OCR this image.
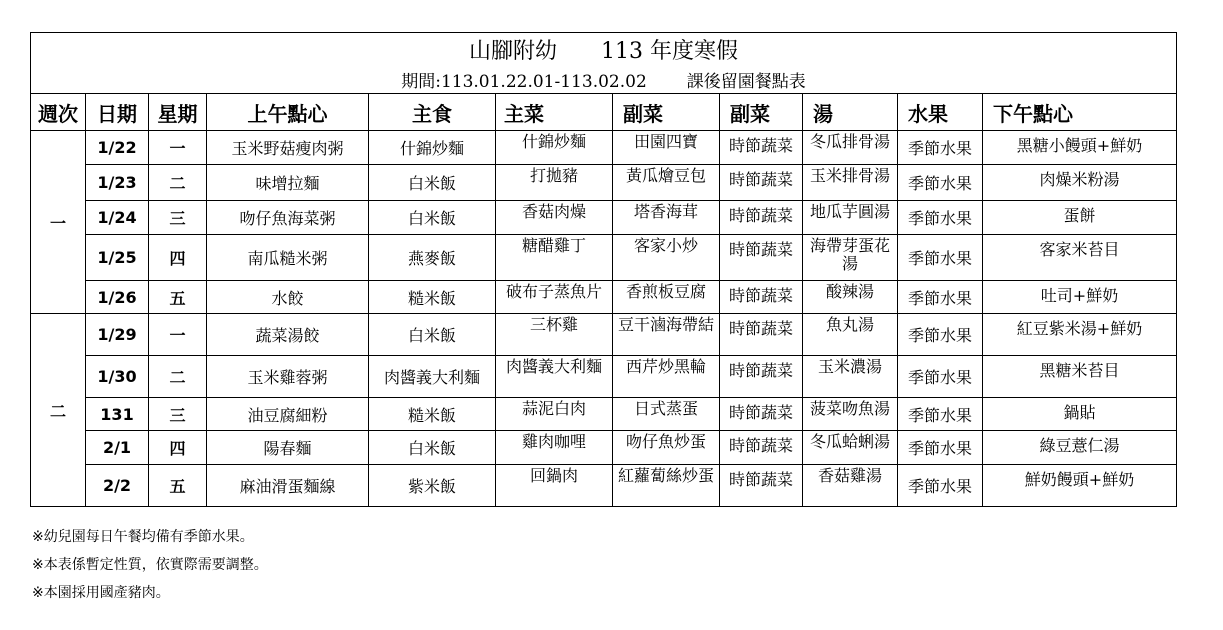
山腳附幼 113 年度寒假										
期間:113.01.22.01-113.02.02 課後留園餐點表										
週次	日期	星期	上午點心	主食	主菜	副菜	副菜	湯	水果	下午點心
一	1/22	一	玉米野菇瘦肉粥	什錦炒麵	什錦炒麵	田園四寶	時節蔬菜	冬瓜排骨湯	季節水果	黑糖小饅頭+鮮奶
	1/23	二	味增拉麵	白米飯	打拋豬	黃瓜燴豆包	時節蔬菜	玉米排骨湯	季節水果	肉燥米粉湯
	1/24	三	吻仔魚海菜粥	白米飯	香菇肉燥	塔香海茸	時節蔬菜	地瓜芋圓湯	季節水果	蛋餅
	1/25	四	南瓜糙米粥	燕麥飯	糖醋雞丁	客家小炒	時節蔬菜	海帶芽蛋花湯	季節水果	客家米苔目
	1/26	五	水餃	糙米飯	破布子蒸魚片	香煎板豆腐	時節蔬菜	酸辣湯	季節水果	吐司+鮮奶
二	1/29	一	蔬菜湯餃	白米飯	三杯雞	豆干滷海帶結	時節蔬菜	魚丸湯	季節水果	紅豆紫米湯+鮮奶
	1/30	二	玉米雞蓉粥	肉醬義大利麵	肉醬義大利麵	西芹炒黑輪	時節蔬菜	玉米濃湯	季節水果	黑糖米苔目
	131	三	油豆腐細粉	糙米飯	蒜泥白肉	日式蒸蛋	時節蔬菜	菠菜吻魚湯	季節水果	鍋貼
	2/1	四	陽春麵	白米飯	雞肉咖哩	吻仔魚炒蛋	時節蔬菜	冬瓜蛤蜊湯	季節水果	綠豆薏仁湯
	2/2	五	麻油滑蛋麵線	紫米飯	回鍋肉	紅蘿蔔絲炒蛋	時節蔬菜	香菇雞湯	季節水果	鮮奶饅頭+鮮奶
※幼兒園每日午餐均備有季節水果。
※本表係暫定性質，依實際需要調整。
※本園採用國產豬肉。
